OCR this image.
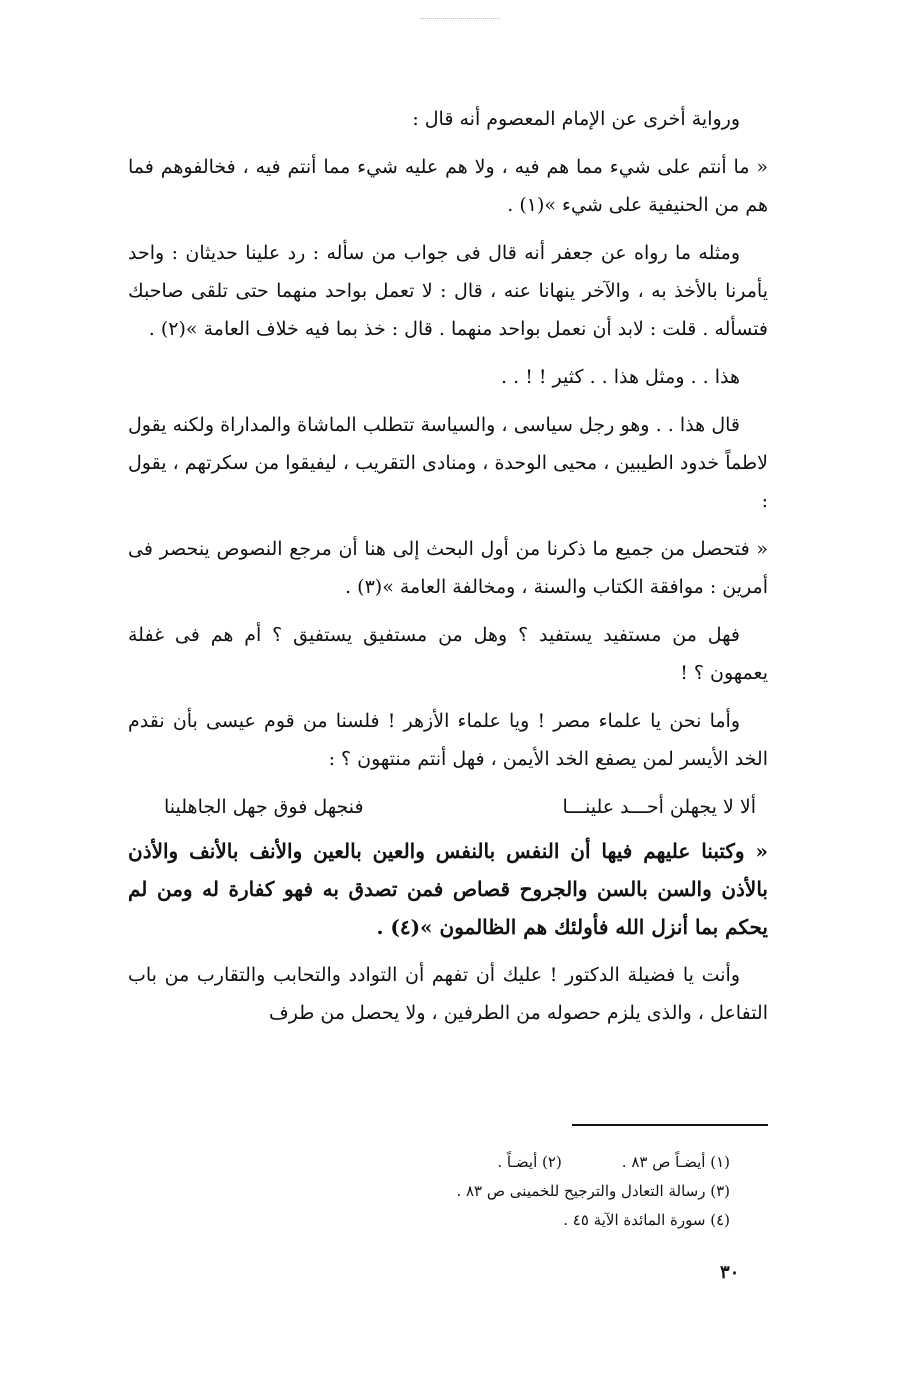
ورواية أخرى عن الإمام المعصوم أنه قال :

« ما أنتم على شيء مما هم فيه ، ولا هم عليه شيء مما أنتم فيه ، فخالفوهم فما هم من الحنيفية على شيء »(١) .

ومثله ما رواه عن جعفر أنه قال فى جواب من سأله : رد علينا حديثان : واحد يأمرنا بالأخذ به ، والآخر ينهانا عنه ، قال : لا تعمل بواحد منهما حتى تلقى صاحبك فتسأله . قلت : لابد أن نعمل بواحد منهما . قال : خذ بما فيه خلاف العامة »(٢) .

هذا . . ومثل هذا . . كثير ! ! . .

قال هذا . . وهو رجل سياسى ، والسياسة تتطلب الماشاة والمداراة ولكنه يقول لاطماً خدود الطيبين ، محيى الوحدة ، ومنادى التقريب ، ليفيقوا من سكرتهم ، يقول :

« فتحصل من جميع ما ذكرنا من أول البحث إلى هنا أن مرجع النصوص ينحصر فى أمرين : موافقة الكتاب والسنة ، ومخالفة العامة »(٣) .

فهل من مستفيد يستفيد ؟ وهل من مستفيق يستفيق ؟ أم هم فى غفلة يعمهون ؟ !

وأما نحن يا علماء مصر ! ويا علماء الأزهر ! فلسنا من قوم عيسى بأن نقدم الخد الأيسر لمن يصفع الخد الأيمن ، فهل أنتم منتهون ؟ :

ألا لا يجهلن أحـــد علينـــا
فنجهل فوق جهل الجاهلينا

« وكتبنا عليهم فيها أن النفس بالنفس والعين بالعين والأنف بالأنف والأذن بالأذن والسن بالسن والجروح قصاص فمن تصدق به فهو كفارة له ومن لم يحكم بما أنزل الله فأولئك هم الظالمون »(٤) .

وأنت يا فضيلة الدكتور ! عليك أن تفهم أن التوادد والتحابب والتقارب من باب التفاعل ، والذى يلزم حصوله من الطرفين ، ولا يحصل من طرف

(١) أيضـاً ص ٨٣ .
(٢) أيضـاً .
(٣) رسالة التعادل والترجيح للخمينى ص ٨٣ .
(٤) سورة المائدة الآية ٤٥ .
٣٠
